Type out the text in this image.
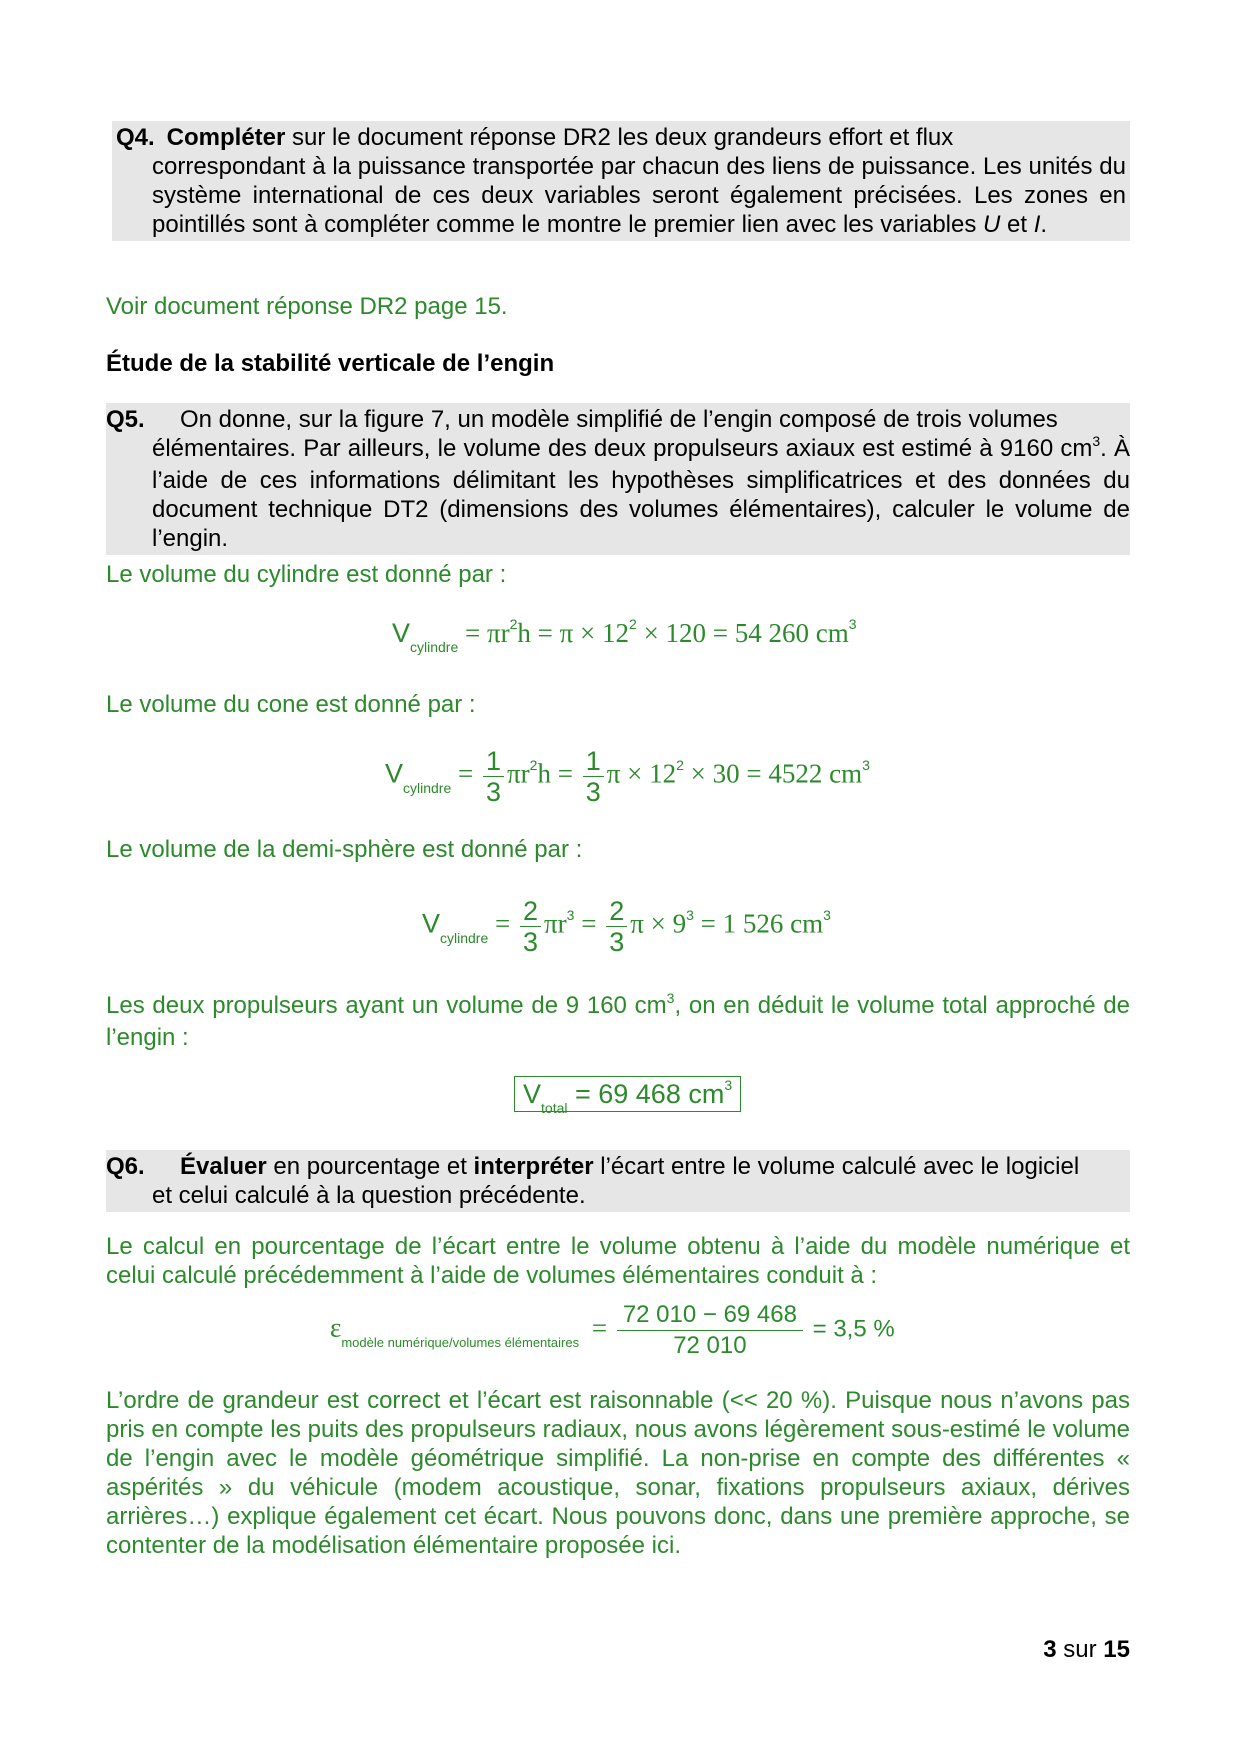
Q4. Compléter sur le document réponse DR2 les deux grandeurs effort et flux
correspondant à la puissance transportée par chacun des liens de puissance. Les unités du système international de ces deux variables seront également précisées. Les zones en pointillés sont à compléter comme le montre le premier lien avec les variables U et I.
Voir document réponse DR2 page 15.
Étude de la stabilité verticale de l’engin
Q5. On donne, sur la figure 7, un modèle simplifié de l’engin composé de trois volumes
élémentaires. Par ailleurs, le volume des deux propulseurs axiaux est estimé à 9160 $cm^3$. À l’aide de ces informations délimitant les hypothèses simplificatrices et des données du document technique DT2 (dimensions des volumes élémentaires), calculer le volume de l’engin.
Le volume du cylindre est donné par :
$V_{cylindre} = \pi r^2h = \pi \times 12^2 \times 120 = 54$ 260 $cm^3$
Le volume du cone est donné par :
$V_{cylindre} = \frac{1}{3} \pi r^2h = \frac{1}{3}$ $\pi \times 12^2 \times 30 = 4522$ $cm^3$
Le volume de la demi-sphère est donné par :
$V_{cylindre} = \frac{2}{3} \pi r^3 = \frac{2}{3}$ $\pi \times 9^3 = 1$ 526 $cm^3$
Les deux propulseurs ayant un volume de 9 160 $cm^3$, on en déduit le volume total approché de l’engin :
$V_{total} = 69$ 468 $cm^3$
Q6. Évaluer en pourcentage et interpréter l’écart entre le volume calculé avec le logiciel
et celui calculé à la question précédente.
Le calcul en pourcentage de l’écart entre le volume obtenu à l’aide du modèle numérique et celui calculé précédemment à l’aide de volumes élémentaires conduit à :
$\varepsilon_{modèle numérique/volumes élémentaires} = \frac{72 010 - 69 468}{72 010} = 3,5$ %
L’ordre de grandeur est correct et l’écart est raisonnable (<< 20 %). Puisque nous n’avons pas pris en compte les puits des propulseurs radiaux, nous avons légèrement sous-estimé le volume de l’engin avec le modèle géométrique simplifié. La non-prise en compte des différentes « aspérités » du véhicule (modem acoustique, sonar, fixations propulseurs axiaux, dérives arrières…) explique également cet écart. Nous pouvons donc, dans une première approche, se contenter de la modélisation élémentaire proposée ici.
3 sur 15
